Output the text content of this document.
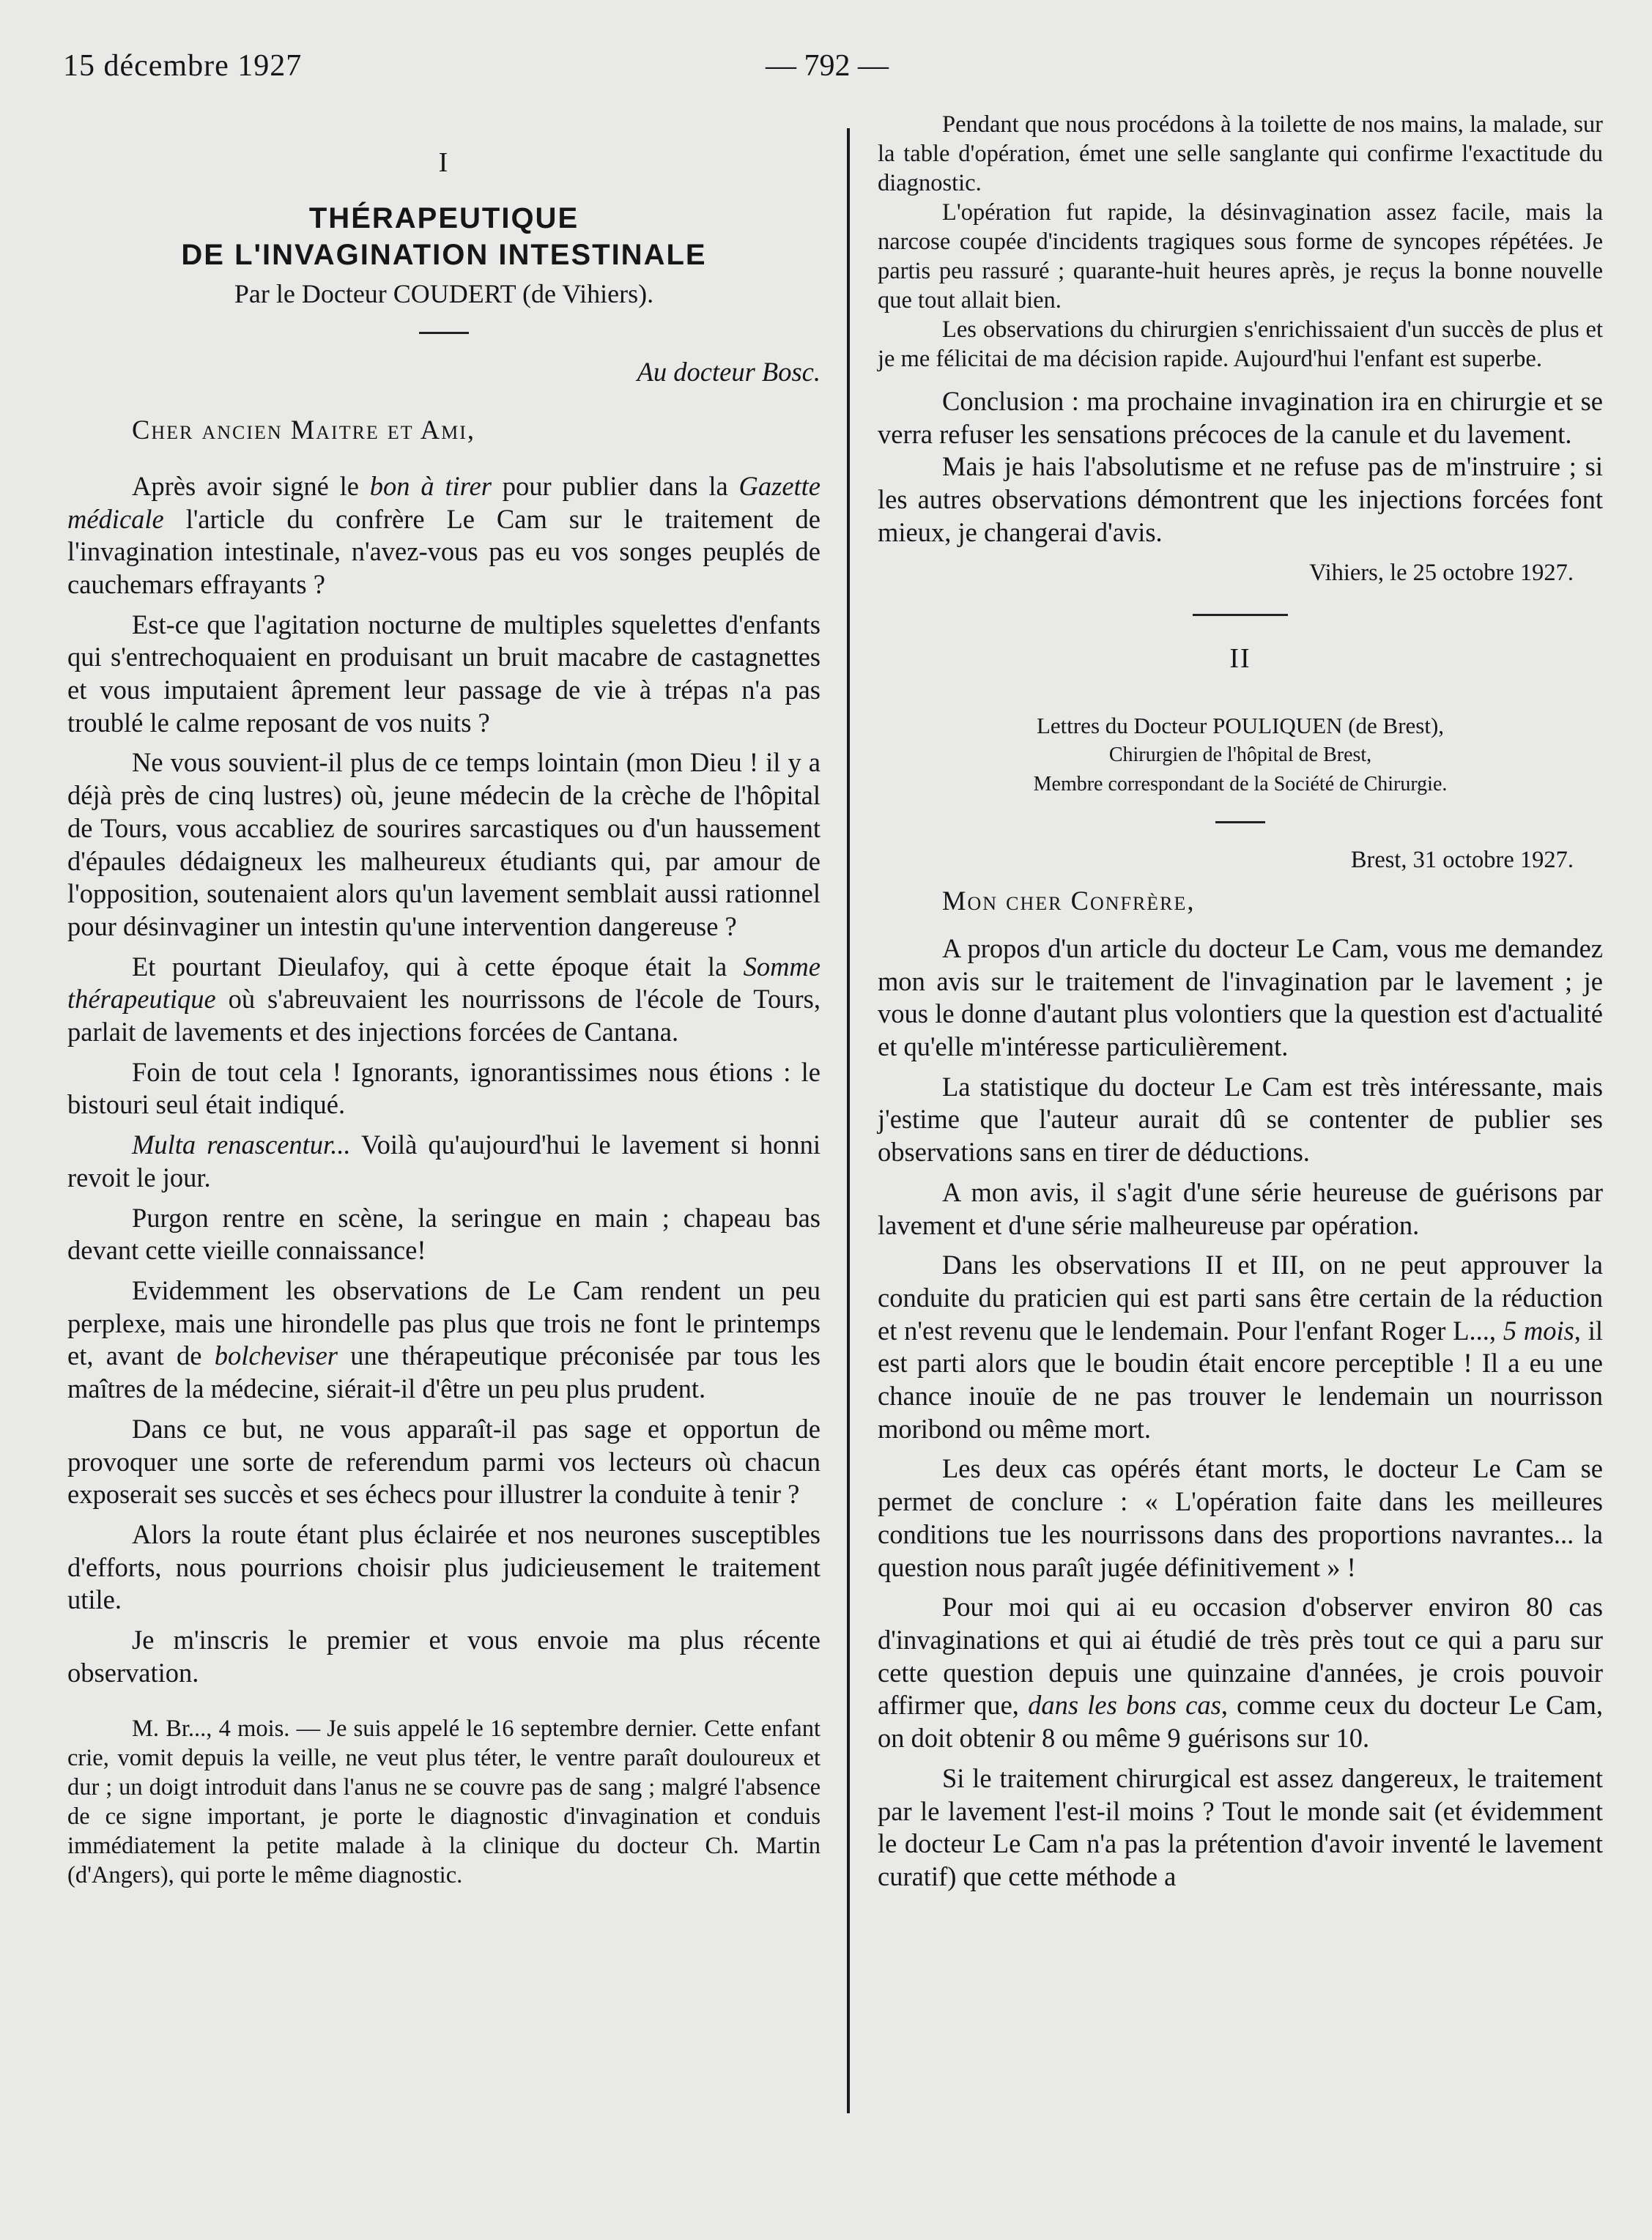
15 décembre 1927	— 792 —
I
THÉRAPEUTIQUE
DE L'INVAGINATION INTESTINALE
Par le Docteur COUDERT (de Vihiers).
Au docteur Bosc.
Cher ancien Maitre et Ami,

Après avoir signé le bon à tirer pour publier dans la Gazette médicale l'article du confrère Le Cam sur le traitement de l'invagination intestinale, n'avez-vous pas eu vos songes peuplés de cauchemars effrayants ?

Est-ce que l'agitation nocturne de multiples squelettes d'enfants qui s'entrechoquaient en produisant un bruit macabre de castagnettes et vous imputaient âprement leur passage de vie à trépas n'a pas troublé le calme reposant de vos nuits ?

Ne vous souvient-il plus de ce temps lointain (mon Dieu ! il y a déjà près de cinq lustres) où, jeune médecin de la crèche de l'hôpital de Tours, vous accabliez de sourires sarcastiques ou d'un haussement d'épaules dédaigneux les malheureux étudiants qui, par amour de l'opposition, soutenaient alors qu'un lavement semblait aussi rationnel pour désinvaginer un intestin qu'une intervention dangereuse ?

Et pourtant Dieulafoy, qui à cette époque était la Somme thérapeutique où s'abreuvaient les nourrissons de l'école de Tours, parlait de lavements et des injections forcées de Cantana.

Foin de tout cela ! Ignorants, ignorantissimes nous étions : le bistouri seul était indiqué.

Multa renascentur... Voilà qu'aujourd'hui le lavement si honni revoit le jour.

Purgon rentre en scène, la seringue en main ; chapeau bas devant cette vieille connaissance!

Evidemment les observations de Le Cam rendent un peu perplexe, mais une hirondelle pas plus que trois ne font le printemps et, avant de bolcheviser une thérapeutique préconisée par tous les maîtres de la médecine, siérait-il d'être un peu plus prudent.

Dans ce but, ne vous apparaît-il pas sage et opportun de provoquer une sorte de referendum parmi vos lecteurs où chacun exposerait ses succès et ses échecs pour illustrer la conduite à tenir ?

Alors la route étant plus éclairée et nos neurones susceptibles d'efforts, nous pourrions choisir plus judicieusement le traitement utile.

Je m'inscris le premier et vous envoie ma plus récente observation.

M. Br..., 4 mois. — Je suis appelé le 16 septembre dernier. Cette enfant crie, vomit depuis la veille, ne veut plus téter, le ventre paraît douloureux et dur ; un doigt introduit dans l'anus ne se couvre pas de sang ; malgré l'absence de ce signe important, je porte le diagnostic d'invagination et conduis immédiatement la petite malade à la clinique du docteur Ch. Martin (d'Angers), qui porte le même diagnostic.

Pendant que nous procédons à la toilette de nos mains, la malade, sur la table d'opération, émet une selle sanglante qui confirme l'exactitude du diagnostic.

L'opération fut rapide, la désinvagination assez facile, mais la narcose coupée d'incidents tragiques sous forme de syncopes répétées. Je partis peu rassuré ; quarante-huit heures après, je reçus la bonne nouvelle que tout allait bien.

Les observations du chirurgien s'enrichissaient d'un succès de plus et je me félicitai de ma décision rapide. Aujourd'hui l'enfant est superbe.

Conclusion : ma prochaine invagination ira en chirurgie et se verra refuser les sensations précoces de la canule et du lavement.

Mais je hais l'absolutisme et ne refuse pas de m'instruire ; si les autres observations démontrent que les injections forcées font mieux, je changerai d'avis.

Vihiers, le 25 octobre 1927.

II

Lettres du Docteur POULIQUEN (de Brest),

Chirurgien de l'hôpital de Brest,

Membre correspondant de la Société de Chirurgie.

Brest, 31 octobre 1927.

Mon cher Confrère,

A propos d'un article du docteur Le Cam, vous me demandez mon avis sur le traitement de l'invagination par le lavement ; je vous le donne d'autant plus volontiers que la question est d'actualité et qu'elle m'intéresse particulièrement.

La statistique du docteur Le Cam est très intéressante, mais j'estime que l'auteur aurait dû se contenter de publier ses observations sans en tirer de déductions.

A mon avis, il s'agit d'une série heureuse de guérisons par lavement et d'une série malheureuse par opération.

Dans les observations II et III, on ne peut approuver la conduite du praticien qui est parti sans être certain de la réduction et n'est revenu que le lendemain. Pour l'enfant Roger L..., 5 mois, il est parti alors que le boudin était encore perceptible ! Il a eu une chance inouïe de ne pas trouver le lendemain un nourrisson moribond ou même mort.

Les deux cas opérés étant morts, le docteur Le Cam se permet de conclure : « L'opération faite dans les meilleures conditions tue les nourrissons dans des proportions navrantes... la question nous paraît jugée définitivement » !

Pour moi qui ai eu occasion d'observer environ 80 cas d'invaginations et qui ai étudié de très près tout ce qui a paru sur cette question depuis une quinzaine d'années, je crois pouvoir affirmer que, dans les bons cas, comme ceux du docteur Le Cam, on doit obtenir 8 ou même 9 guérisons sur 10.

Si le traitement chirurgical est assez dangereux, le traitement par le lavement l'est-il moins ? Tout le monde sait (et évidemment le docteur Le Cam n'a pas la prétention d'avoir inventé le lavement curatif) que cette méthode a
